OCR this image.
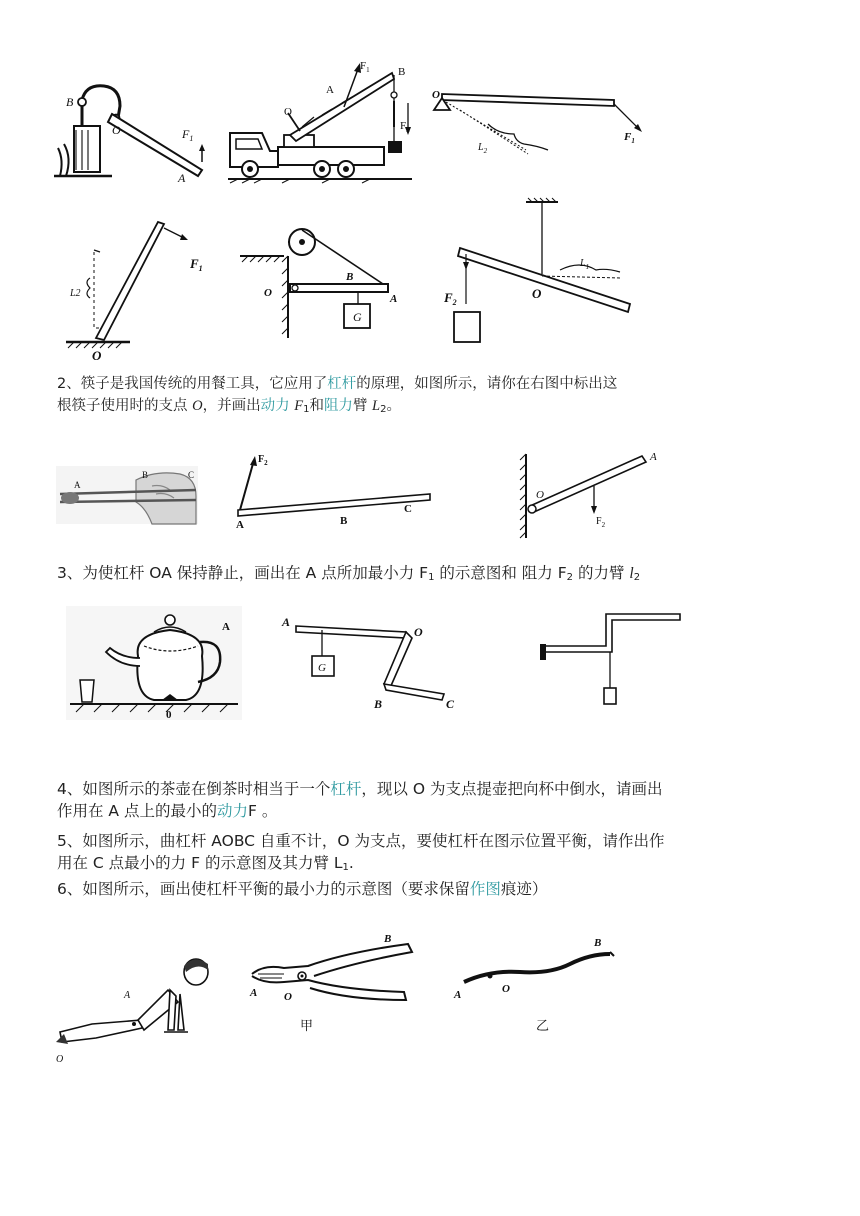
B
O	$F_1$
A
$F_1$	B
O
A
$F_2$
O
$F_1$
$L_2$
$F_1$
L2
O
G
O
B
A
$L_1$
$F_2$
O
2、筷子是我国传统的用餐工具，它应用了杠杆的原理，如图所示，请你在右图中标出这
根筷子使用时的支点 O，并画出动力 $F_1$和阻力臂 $L_2$。
A
B	C
$F_2$
A	B
C
A
O
$F_2$
3、为使杠杆 OA 保持静止，画出在 A 点所加最小力 $F_1$ 的示意图和 阻力 $F_2$ 的力臂 $l_2$
A
0
G
A
O
B	C
4、如图所示的茶壶在倒茶时相当于一个杠杆，现以 O 为支点提壶把向杯中倒水，请画出
作用在 A 点上的最小的动力F 。
5、如图所示，曲杠杆 AOBC 自重不计，O 为支点，要使杠杆在图示位置平衡，请作出作
用在 C 点最小的力 F 的示意图及其力臂 $L_1$.
6、如图所示，画出使杠杆平衡的最小力的示意图（要求保留作图痕迹）
A
O
B
A O
甲
B
A	O
乙
